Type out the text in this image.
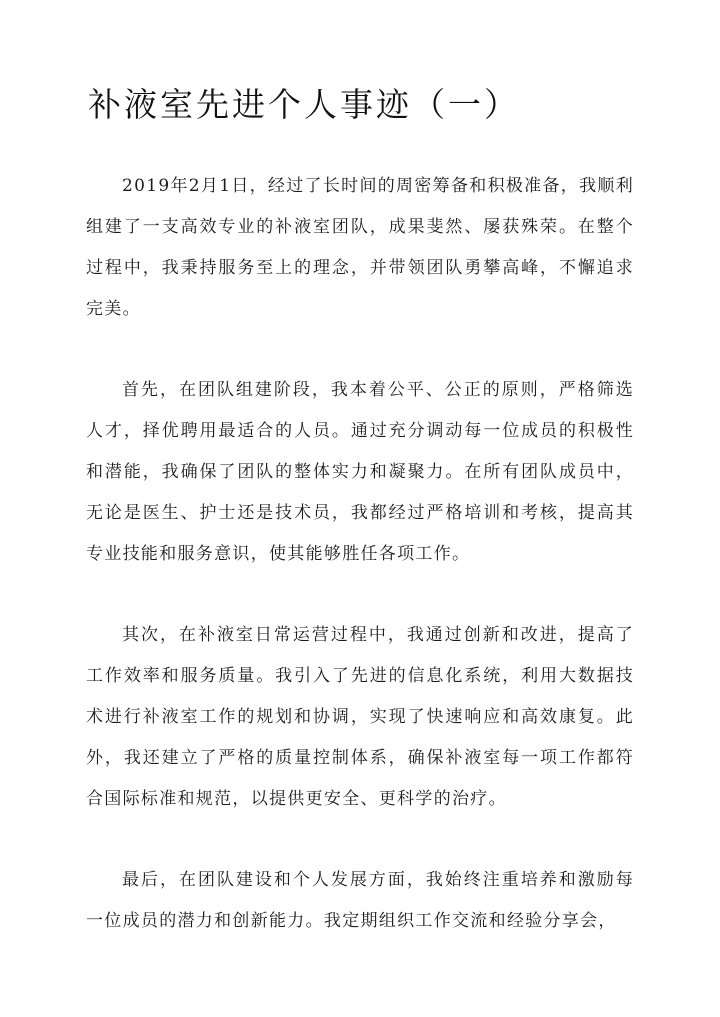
补液室先进个人事迹（一）

2019年2月1日，经过了长时间的周密筹备和积极准备，我顺利组建了一支高效专业的补液室团队，成果斐然、屡获殊荣。在整个过程中，我秉持服务至上的理念，并带领团队勇攀高峰，不懈追求完美。

首先，在团队组建阶段，我本着公平、公正的原则，严格筛选人才，择优聘用最适合的人员。通过充分调动每一位成员的积极性和潜能，我确保了团队的整体实力和凝聚力。在所有团队成员中，无论是医生、护士还是技术员，我都经过严格培训和考核，提高其专业技能和服务意识，使其能够胜任各项工作。

其次，在补液室日常运营过程中，我通过创新和改进，提高了工作效率和服务质量。我引入了先进的信息化系统，利用大数据技术进行补液室工作的规划和协调，实现了快速响应和高效康复。此外，我还建立了严格的质量控制体系，确保补液室每一项工作都符合国际标准和规范，以提供更安全、更科学的治疗。

最后，在团队建设和个人发展方面，我始终注重培养和激励每一位成员的潜力和创新能力。我定期组织工作交流和经验分享会，
